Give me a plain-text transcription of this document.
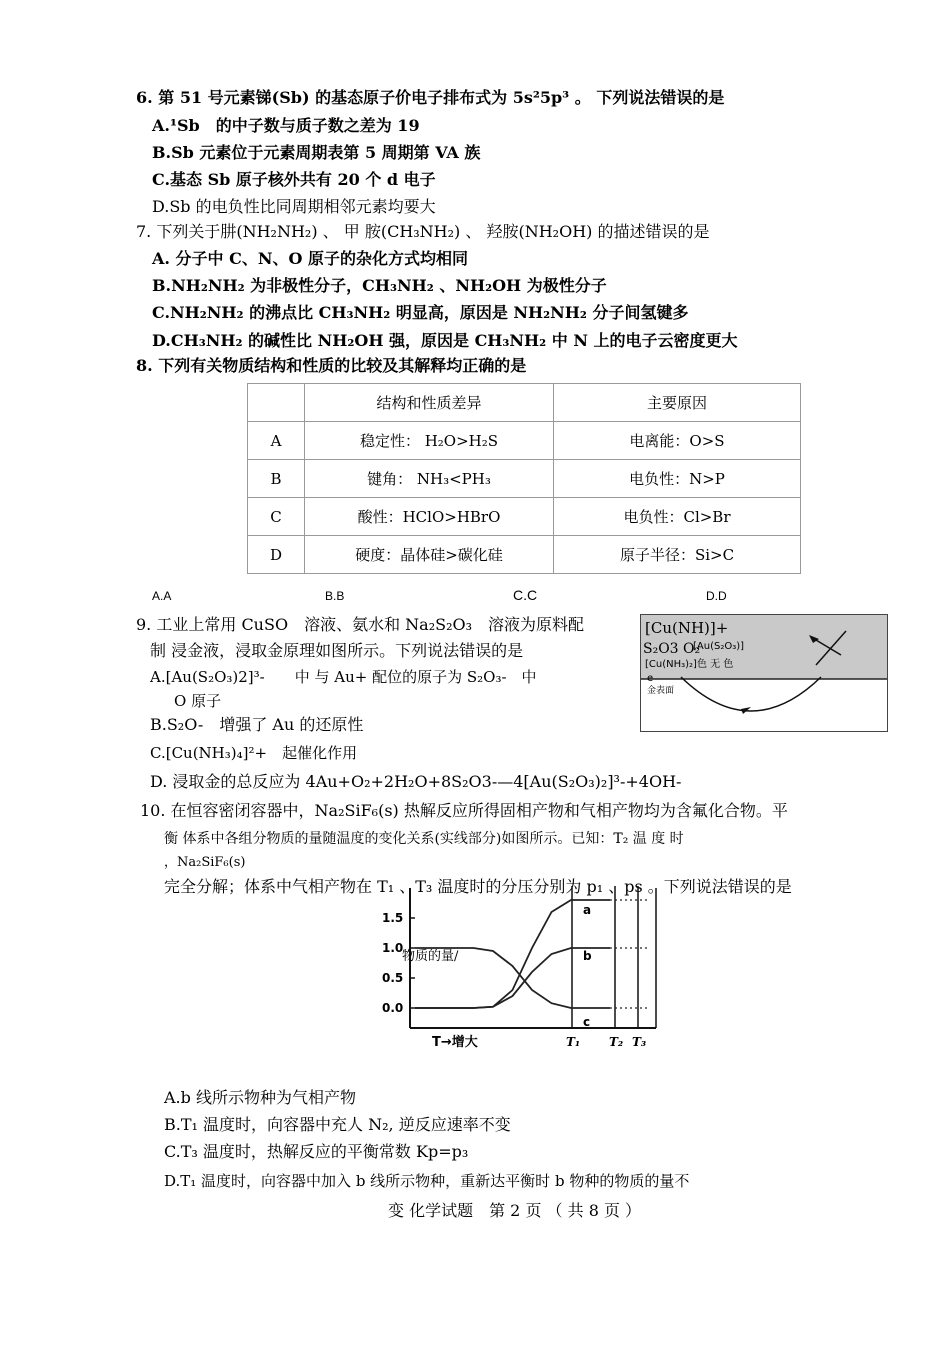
6. 第 51 号元素锑(Sb) 的基态原子价电子排布式为 5s²5p³ 。 下列说法错误的是
A.¹Sb　的中子数与质子数之差为 19
B.Sb 元素位于元素周期表第 5 周期第 VA 族
C.基态 Sb 原子核外共有 20 个 d 电子
D.Sb 的电负性比同周期相邻元素均要大
7. 下列关于肼(NH₂NH₂) 、 甲 胺(CH₃NH₂) 、 羟胺(NH₂OH) 的描述错误的是
A. 分子中 C、N、O 原子的杂化方式均相同
B.NH₂NH₂ 为非极性分子，CH₃NH₂ 、NH₂OH 为极性分子
C.NH₂NH₂ 的沸点比 CH₃NH₂ 明显高，原因是 NH₂NH₂ 分子间氢键多
D.CH₃NH₂ 的碱性比 NH₂OH 强，原因是 CH₃NH₂ 中 N 上的电子云密度更大
8. 下列有关物质结构和性质的比较及其解释均正确的是
	结构和性质差异	主要原因
A	稳定性： H₂O>H₂S	电离能：O>S
B	键角： NH₃<PH₃	电负性：N>P
C	酸性：HClO>HBrO	电负性：Cl>Br
D	硬度：晶体硅>碳化硅	原子半径：Si>C
A.A	B.B	C.C	D.D
9. 工业上常用 CuSO　溶液、氨水和 Na₂S₂O₃　溶液为原料配
制 浸金液，浸取金原理如图所示。下列说法错误的是
A.[Au(S₂O₃)2]³-　　中 与 Au+ 配位的原子为 S₂O₃-　中
O 原子
B.S₂O-　增强了 Au 的还原性
C.[Cu(NH₃)₄]²+　起催化作用
D. 浸取金的总反应为 4Au+O₂+2H₂O+8S₂O3-—4[Au(S₂O₃)₂]³-+4OH-
[Cu(NH)]+
S₂O3 O₂
[Au(S₂O₃)]
[Cu(NH₃)₂]色 无 色
e
金表面
10. 在恒容密闭容器中，Na₂SiF₆(s) 热解反应所得固相产物和气相产物均为含氟化合物。平
衡 体系中各组分物质的量随温度的变化关系(实线部分)如图所示。已知：T₂ 温 度 时
，Na₂SiF₆(s)
完全分解；体系中气相产物在 T₁ 、T₃ 温度时的分压分别为 p₁ 、ps 。下列说法错误的是
0.0
0.5
1.0
1.5
a
b
c
T₁ T₂ T₃
T→增大
物质的量/
A.b 线所示物种为气相产物
B.T₁ 温度时，向容器中充人 N₂, 逆反应速率不变
C.T₃ 温度时，热解反应的平衡常数 Kp=p₃
D.T₁ 温度时，向容器中加入 b 线所示物种，重新达平衡时 b 物种的物质的量不
变 化学试题　第 2 页 （ 共 8 页 ）
